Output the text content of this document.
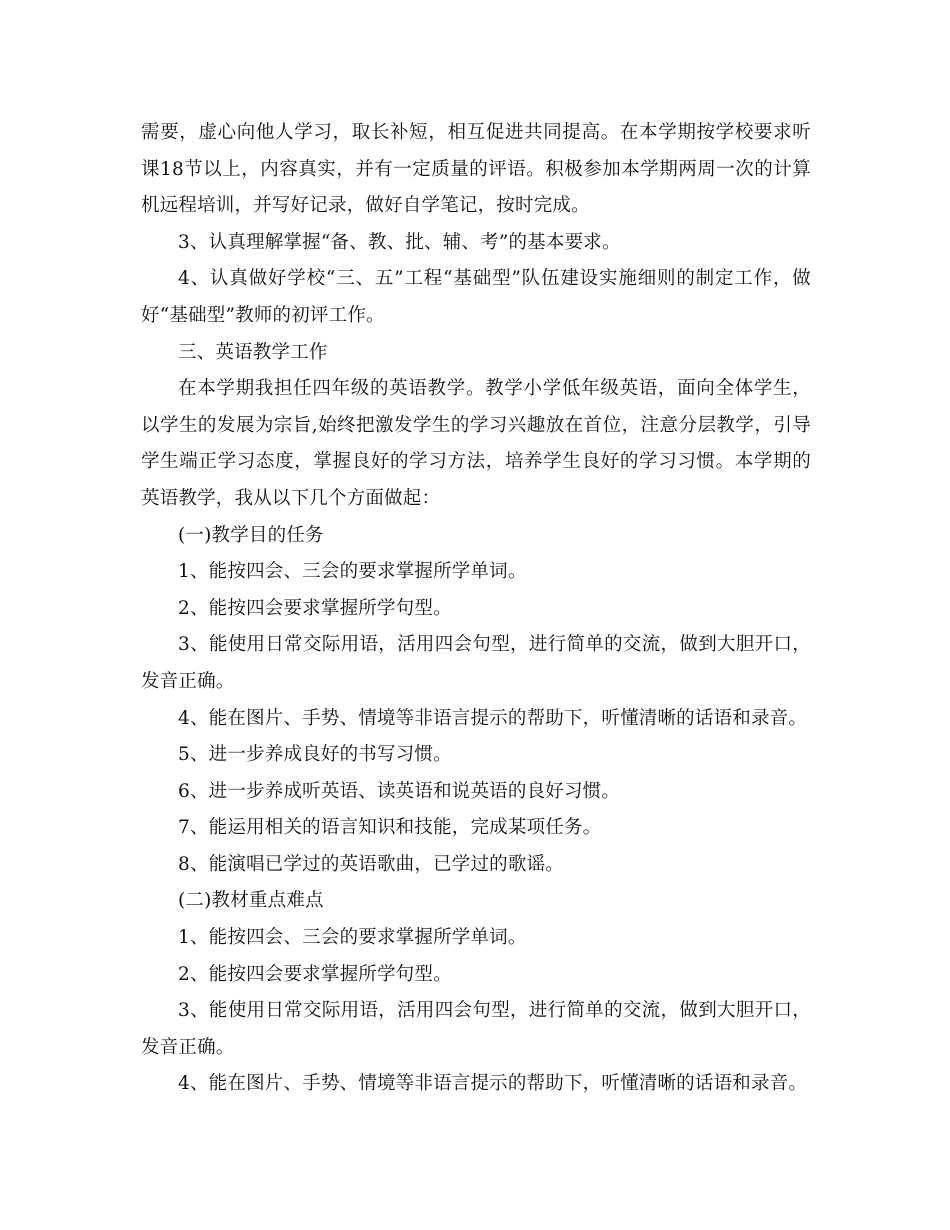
需要，虚心向他人学习，取长补短，相互促进共同提高。在本学期按学校要求听课18节以上，内容真实，并有一定质量的评语。积极参加本学期两周一次的计算机远程培训，并写好记录，做好自学笔记，按时完成。

3、认真理解掌握“备、教、批、辅、考”的基本要求。

4、认真做好学校“三、五”工程“基础型”队伍建设实施细则的制定工作，做好“基础型”教师的初评工作。

三、英语教学工作

在本学期我担任四年级的英语教学。教学小学低年级英语，面向全体学生，以学生的发展为宗旨,始终把激发学生的学习兴趣放在首位，注意分层教学，引导学生端正学习态度，掌握良好的学习方法，培养学生良好的学习习惯。本学期的英语教学，我从以下几个方面做起：

(一)教学目的任务

1、能按四会、三会的要求掌握所学单词。

2、能按四会要求掌握所学句型。

3、能使用日常交际用语，活用四会句型，进行简单的交流，做到大胆开口，发音正确。

4、能在图片、手势、情境等非语言提示的帮助下，听懂清晰的话语和录音。

5、进一步养成良好的书写习惯。

6、进一步养成听英语、读英语和说英语的良好习惯。

7、能运用相关的语言知识和技能，完成某项任务。

8、能演唱已学过的英语歌曲，已学过的歌谣。

(二)教材重点难点

1、能按四会、三会的要求掌握所学单词。

2、能按四会要求掌握所学句型。

3、能使用日常交际用语，活用四会句型，进行简单的交流，做到大胆开口，发音正确。

4、能在图片、手势、情境等非语言提示的帮助下，听懂清晰的话语和录音。
